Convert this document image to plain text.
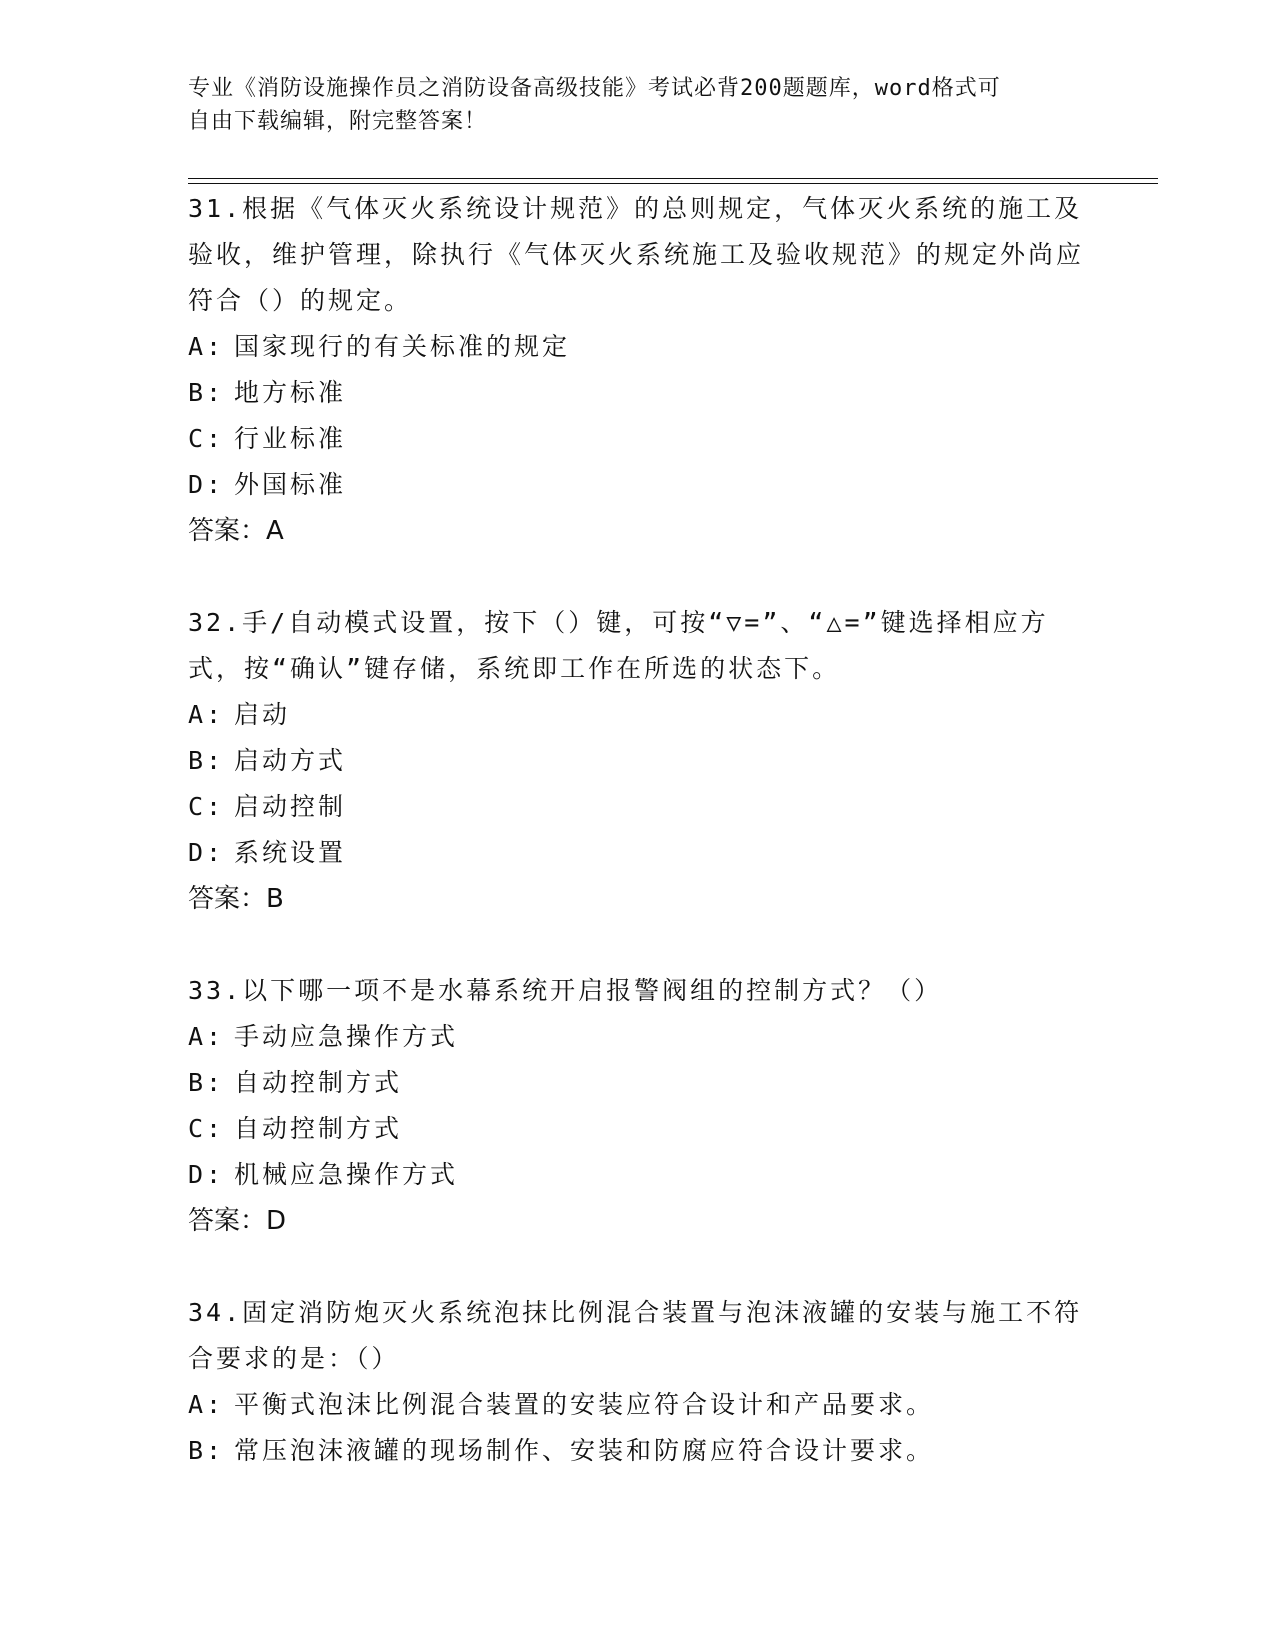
专业《消防设施操作员之消防设备高级技能》考试必背200题题库，word格式可
自由下载编辑，附完整答案！

31.根据《气体灭火系统设计规范》的总则规定，气体灭火系统的施工及验收，维护管理，除执行《气体灭火系统施工及验收规范》的规定外尚应符合（）的规定。

A: 国家现行的有关标准的规定
B: 地方标准
C: 行业标准
D: 外国标准

答案：A

32.手/自动模式设置，按下（）键，可按“▽=”、“△=”键选择相应方式，按“确认”键存储，系统即工作在所选的状态下。

A: 启动
B: 启动方式
C: 启动控制
D: 系统设置

答案：B

33.以下哪一项不是水幕系统开启报警阀组的控制方式？（）

A: 手动应急操作方式
B: 自动控制方式
C: 自动控制方式
D: 机械应急操作方式

答案：D

34.固定消防炮灭火系统泡抹比例混合装置与泡沫液罐的安装与施工不符合要求的是：（）

A: 平衡式泡沫比例混合装置的安装应符合设计和产品要求。
B: 常压泡沫液罐的现场制作、安装和防腐应符合设计要求。
